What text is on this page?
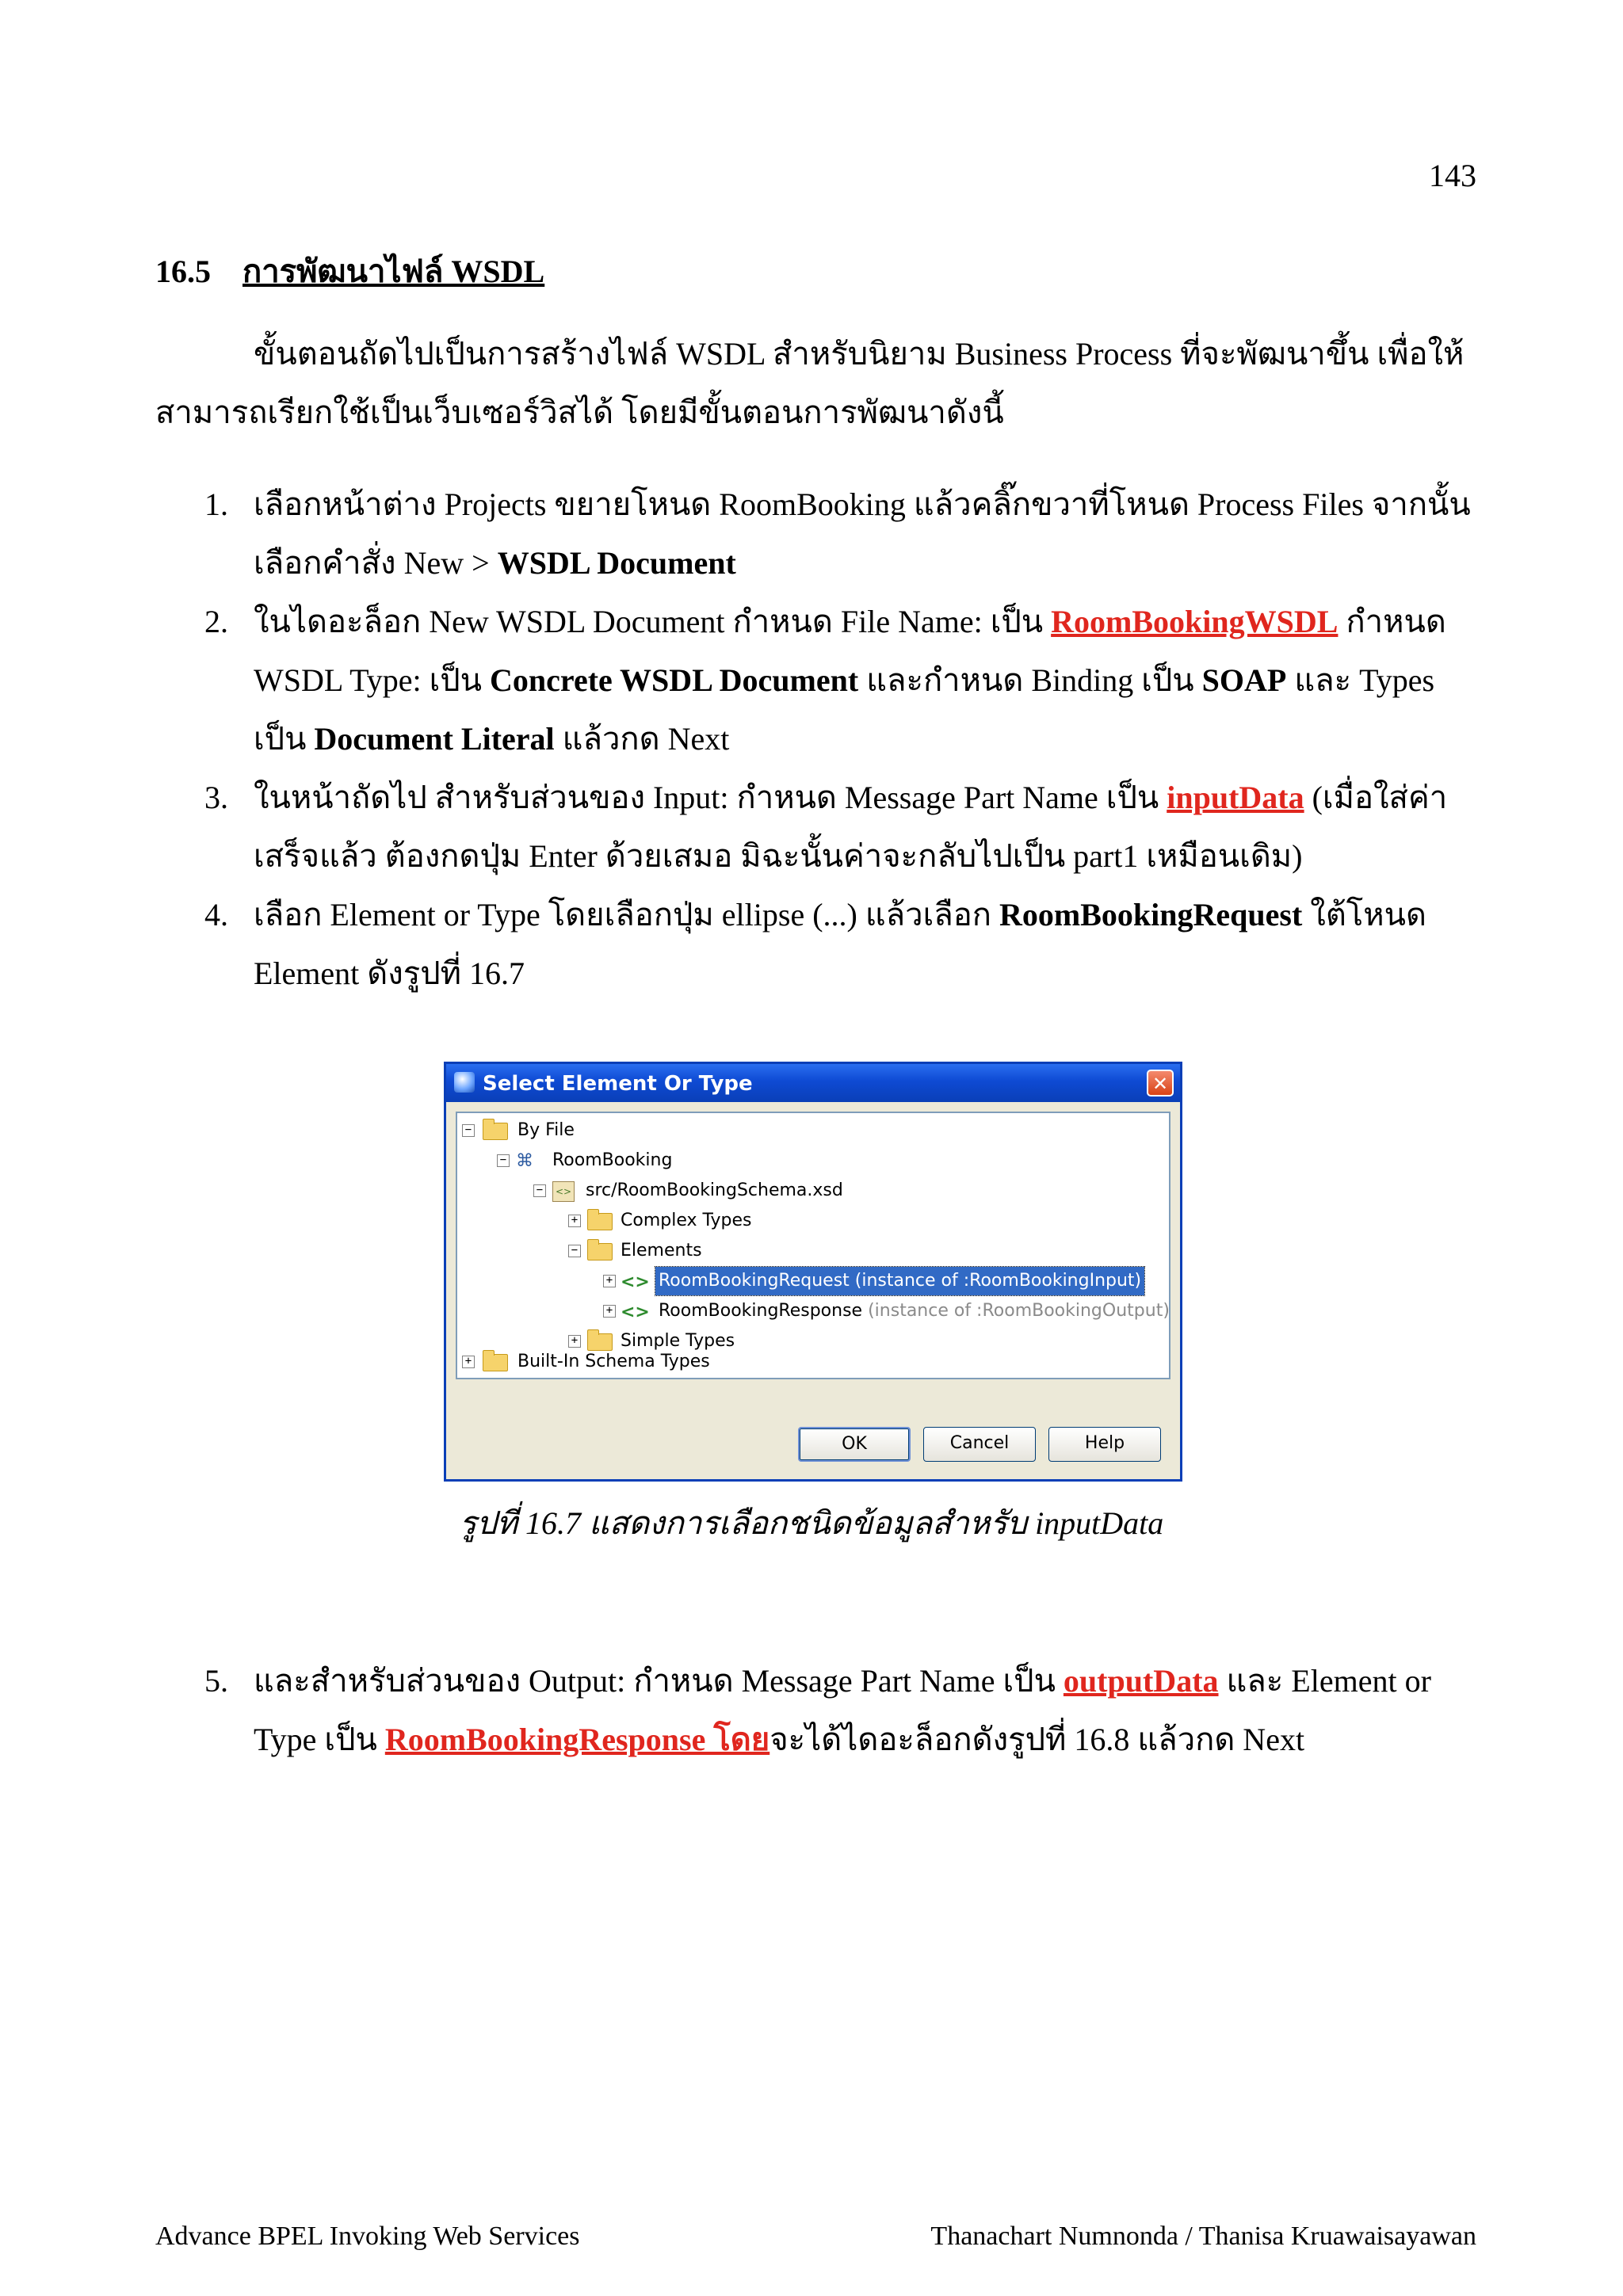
143
16.5 การพัฒนาไฟล์ WSDL

ขั้นตอนถัดไปเป็นการสร้างไฟล์ WSDL สำหรับนิยาม Business Process ที่จะพัฒนาขึ้น เพื่อให้สามารถเรียกใช้เป็นเว็บเซอร์วิสได้ โดยมีขั้นตอนการพัฒนาดังนี้

1. เลือกหน้าต่าง Projects ขยายโหนด RoomBooking แล้วคลิ๊กขวาที่โหนด Process Files จากนั้นเลือกคำสั่ง New > WSDL Document
2. ในไดอะล็อก New WSDL Document กำหนด File Name: เป็น RoomBookingWSDL กำหนด WSDL Type: เป็น Concrete WSDL Document และกำหนด Binding เป็น SOAP และ Types เป็น Document Literal แล้วกด Next
3. ในหน้าถัดไป สำหรับส่วนของ Input: กำหนด Message Part Name เป็น inputData (เมื่อใส่ค่าเสร็จแล้ว ต้องกดปุ่ม Enter ด้วยเสมอ มิฉะนั้นค่าจะกลับไปเป็น part1 เหมือนเดิม)
4. เลือก Element or Type โดยเลือกปุ่ม ellipse (...) แล้วเลือก RoomBookingRequest ใต้โหนด Element ดังรูปที่ 16.7
Select Element Or Type	✕
−	By File
− ⌘	RoomBooking
−	<> src/RoomBookingSchema.xsd
+ Complex Types
− Elements
+ <> RoomBookingRequest (instance of :RoomBookingInput)
+ <> RoomBookingResponse (instance of :RoomBookingOutput)
+ Simple Types
+	Built-In Schema Types
OK	Cancel	Help
รูปที่ 16.7 แสดงการเลือกชนิดข้อมูลสำหรับ inputData
5. และสำหรับส่วนของ Output: กำหนด Message Part Name เป็น outputData และ Element or Type เป็น RoomBookingResponse โดยจะได้ไดอะล็อกดังรูปที่ 16.8 แล้วกด Next
Advance BPEL Invoking Web Services	Thanachart Numnonda / Thanisa Kruawaisayawan
